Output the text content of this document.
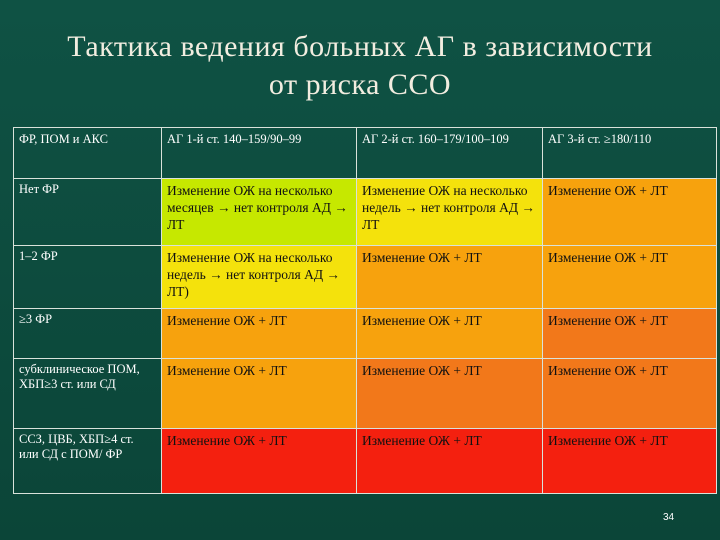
Тактика ведения больных АГ в зависимости
от риска ССО
ФР, ПОМ и АКС	АГ 1-й ст. 140–159/90–99	АГ 2-й ст. 160–179/100–109	АГ 3-й ст. ≥180/110
Нет ФР	Изменение ОЖ на несколько месяцев → нет контроля АД → ЛТ	Изменение ОЖ на несколько недель → нет контроля АД → ЛТ	Изменение ОЖ + ЛТ
1–2 ФР	Изменение ОЖ на несколько недель → нет контроля АД → ЛТ)	Изменение ОЖ + ЛТ	Изменение ОЖ + ЛТ
≥3 ФР	Изменение ОЖ + ЛТ	Изменение ОЖ + ЛТ	Изменение ОЖ + ЛТ
субклиническое ПОМ, ХБП≥3 ст. или СД	Изменение ОЖ + ЛТ	Изменение ОЖ + ЛТ	Изменение ОЖ + ЛТ
ССЗ, ЦВБ, ХБП≥4 ст. или СД с ПОМ/ ФР	Изменение ОЖ + ЛТ	Изменение ОЖ + ЛТ	Изменение ОЖ + ЛТ
34
